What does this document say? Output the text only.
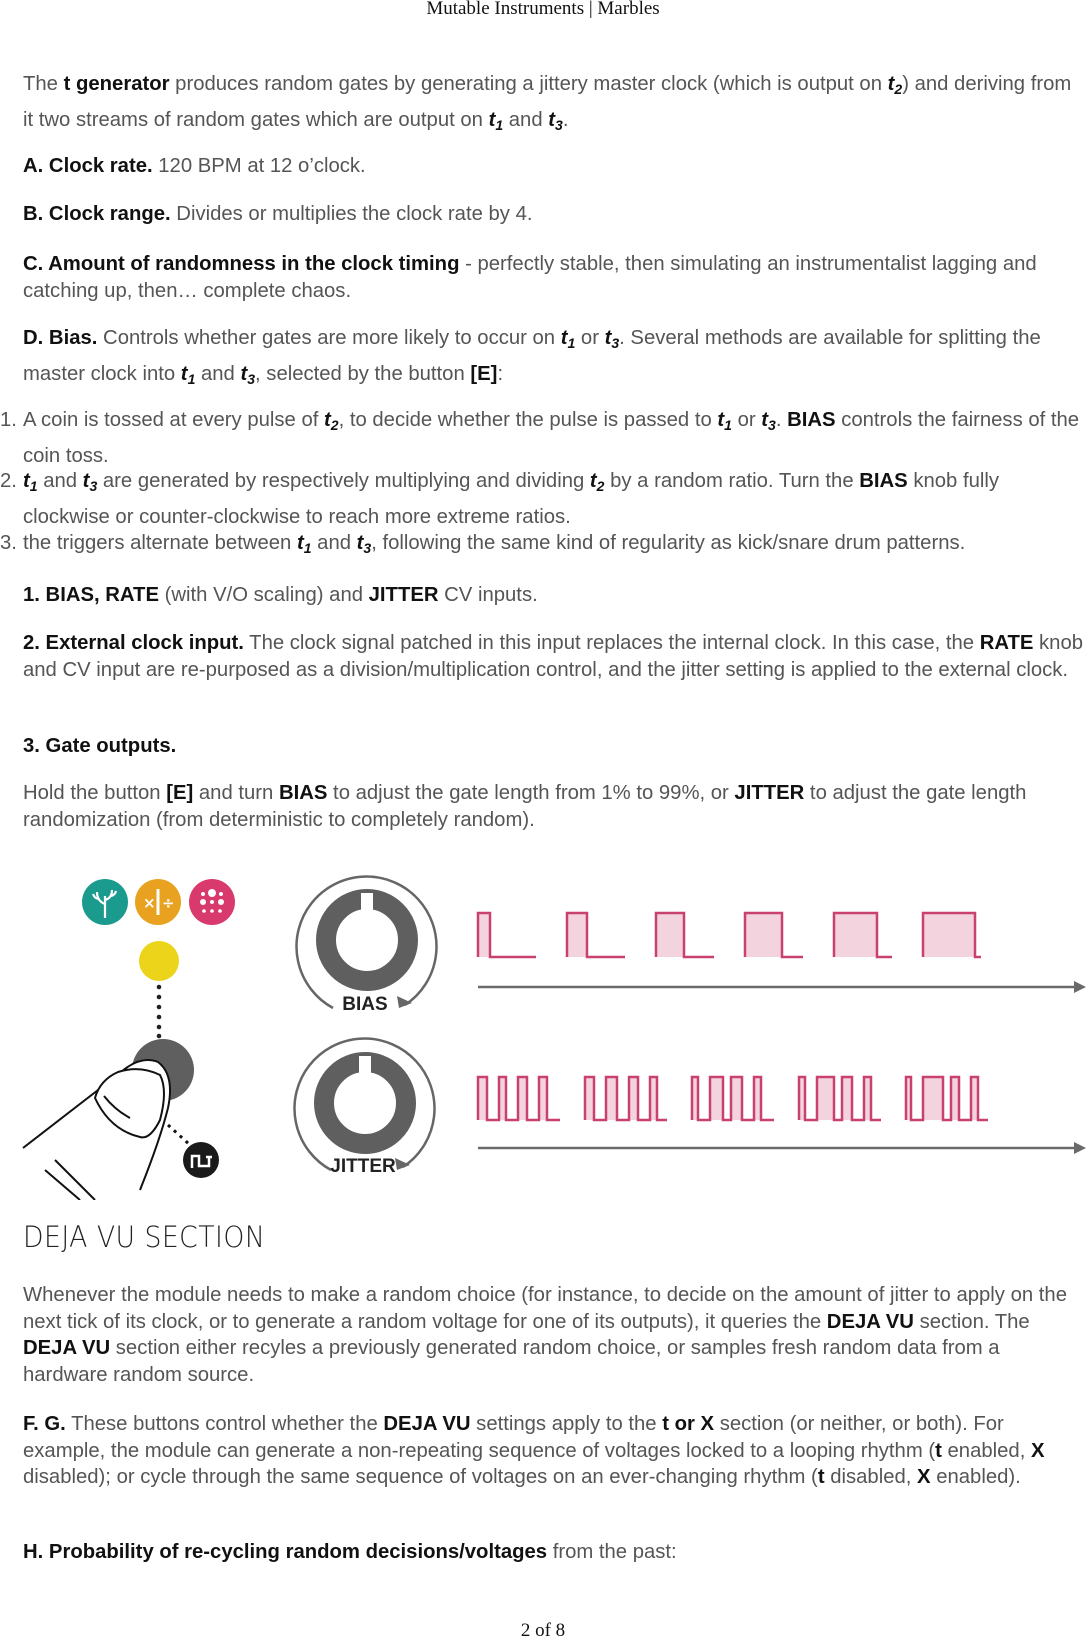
Mutable Instruments | Marbles
The t generator produces random gates by generating a jittery master clock (which is output on $t_2$) and deriving from it two streams of random gates which are output on $t_1$ and $t_3$.
A. Clock rate. 120 BPM at 12 o’clock.
B. Clock range. Divides or multiplies the clock rate by 4.
C. Amount of randomness in the clock timing - perfectly stable, then simulating an instrumentalist lagging and catching up, then… complete chaos.
D. Bias. Controls whether gates are more likely to occur on $t_1$ or $t_3$. Several methods are available for splitting the master clock into $t_1$ and $t_3$, selected by the button [E]:
1. A coin is tossed at every pulse of $t_2$, to decide whether the pulse is passed to $t_1$ or $t_3$. BIAS controls the fairness of the coin toss.
2. $t_1$ and $t_3$ are generated by respectively multiplying and dividing $t_2$ by a random ratio. Turn the BIAS knob fully clockwise or counter-clockwise to reach more extreme ratios.
3. the triggers alternate between $t_1$ and $t_3$, following the same kind of regularity as kick/snare drum patterns.
1. BIAS, RATE (with V/O scaling) and JITTER CV inputs.
2. External clock input. The clock signal patched in this input replaces the internal clock. In this case, the RATE knob and CV input are re-purposed as a division/multiplication control, and the jitter setting is applied to the external clock.
3. Gate outputs.
Hold the button [E] and turn BIAS to adjust the gate length from 1% to 99%, or JITTER to adjust the gate length randomization (from deterministic to completely random).
× ÷
BIAS
JITTER
DEJA VU SECTION
Whenever the module needs to make a random choice (for instance, to decide on the amount of jitter to apply on the next tick of its clock, or to generate a random voltage for one of its outputs), it queries the DEJA VU section. The DEJA VU section either recyles a previously generated random choice, or samples fresh random data from a hardware random source.
F. G. These buttons control whether the DEJA VU settings apply to the t or X section (or neither, or both). For example, the module can generate a non-repeating sequence of voltages locked to a looping rhythm (t enabled, X disabled); or cycle through the same sequence of voltages on an ever-changing rhythm (t disabled, X enabled).
H. Probability of re-cycling random decisions/voltages from the past:
2 of 8
